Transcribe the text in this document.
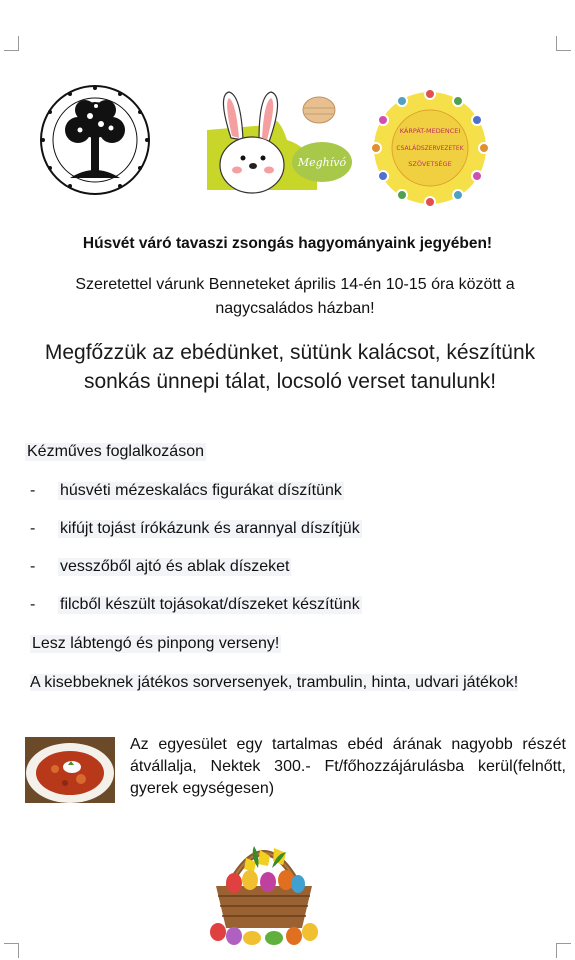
Meghívó
KÁRPÁT-MEDENCEI
CSALÁDSZERVEZETEK
SZÖVETSÉGE
Húsvét váró tavaszi zsongás hagyományaink jegyében!
Szeretettel várunk Benneteket április 14-én 10-15 óra között a nagycsaládos házban!
Megfőzzük az ebédünket, sütünk kalácsot, készítünk sonkás ünnepi tálat, locsoló verset tanulunk!
Kézműves foglalkozáson
-	húsvéti mézeskalács figurákat díszítünk
-	kifújt tojást írókázunk és arannyal díszítjük
-	vesszőből ajtó és ablak díszeket
-	filcből készült tojásokat/díszeket készítünk
Lesz lábtengó és pinpong verseny!
A kisebbeknek játékos sorversenyek, trambulin, hinta, udvari játékok!
Az egyesület egy tartalmas ebéd árának nagyobb részét átvállalja, Nektek 300.- Ft/főhozzájárulásba kerül(felnőtt, gyerek egységesen)
